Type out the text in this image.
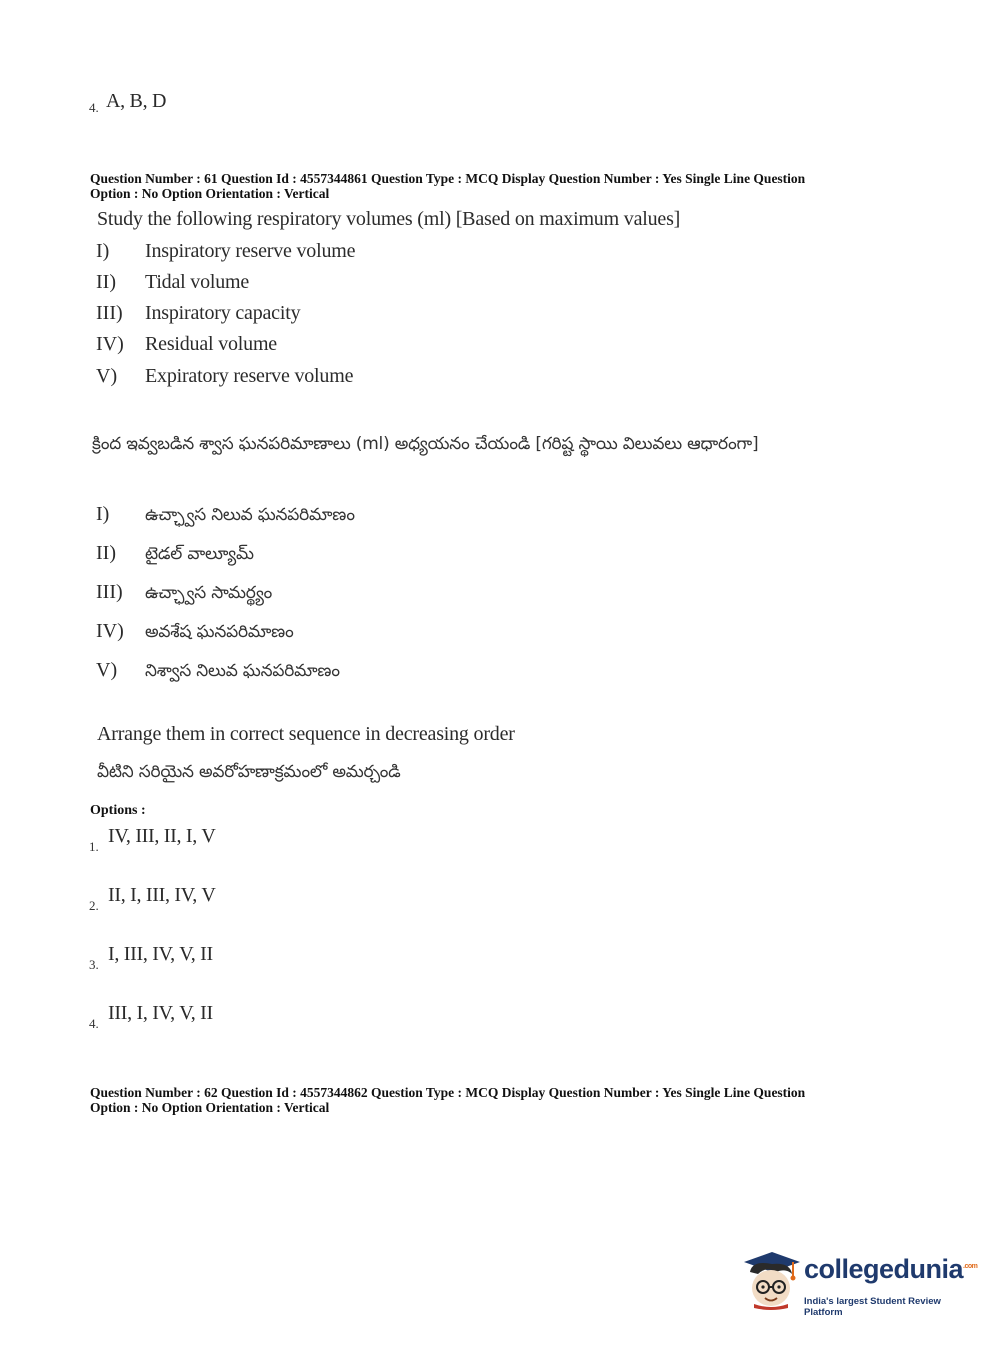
4. A, B, D
Question Number : 61 Question Id : 4557344861 Question Type : MCQ Display Question Number : Yes Single Line Question
Option : No Option Orientation : Vertical
Study the following respiratory volumes (ml) [Based on maximum values]
I) Inspiratory reserve volume
II) Tidal volume
III) Inspiratory capacity
IV) Residual volume
V) Expiratory reserve volume
క్రింద ఇవ్వబడిన శ్వాస ఘనపరిమాణాలు (ml) అధ్యయనం చేయండి [గరిష్ట స్థాయి విలువలు ఆధారంగా]
I) ఉచ్ఛ్వాస నిలువ ఘనపరిమాణం
II) టైడల్ వాల్యూమ్
III) ఉచ్ఛ్వాస సామర్థ్యం
IV) అవశేష ఘనపరిమాణం
V) నిశ్వాస నిలువ ఘనపరిమాణం
Arrange them in correct sequence in decreasing order
వీటిని సరియైన అవరోహణాక్రమంలో అమర్చండి
Options :
1. IV, III, II, I, V
2. II, I, III, IV, V
3. I, III, IV, V, II
4. III, I, IV, V, II
Question Number : 62 Question Id : 4557344862 Question Type : MCQ Display Question Number : Yes Single Line Question
Option : No Option Orientation : Vertical
collegedunia$^{.com}$
India's largest Student Review Platform
